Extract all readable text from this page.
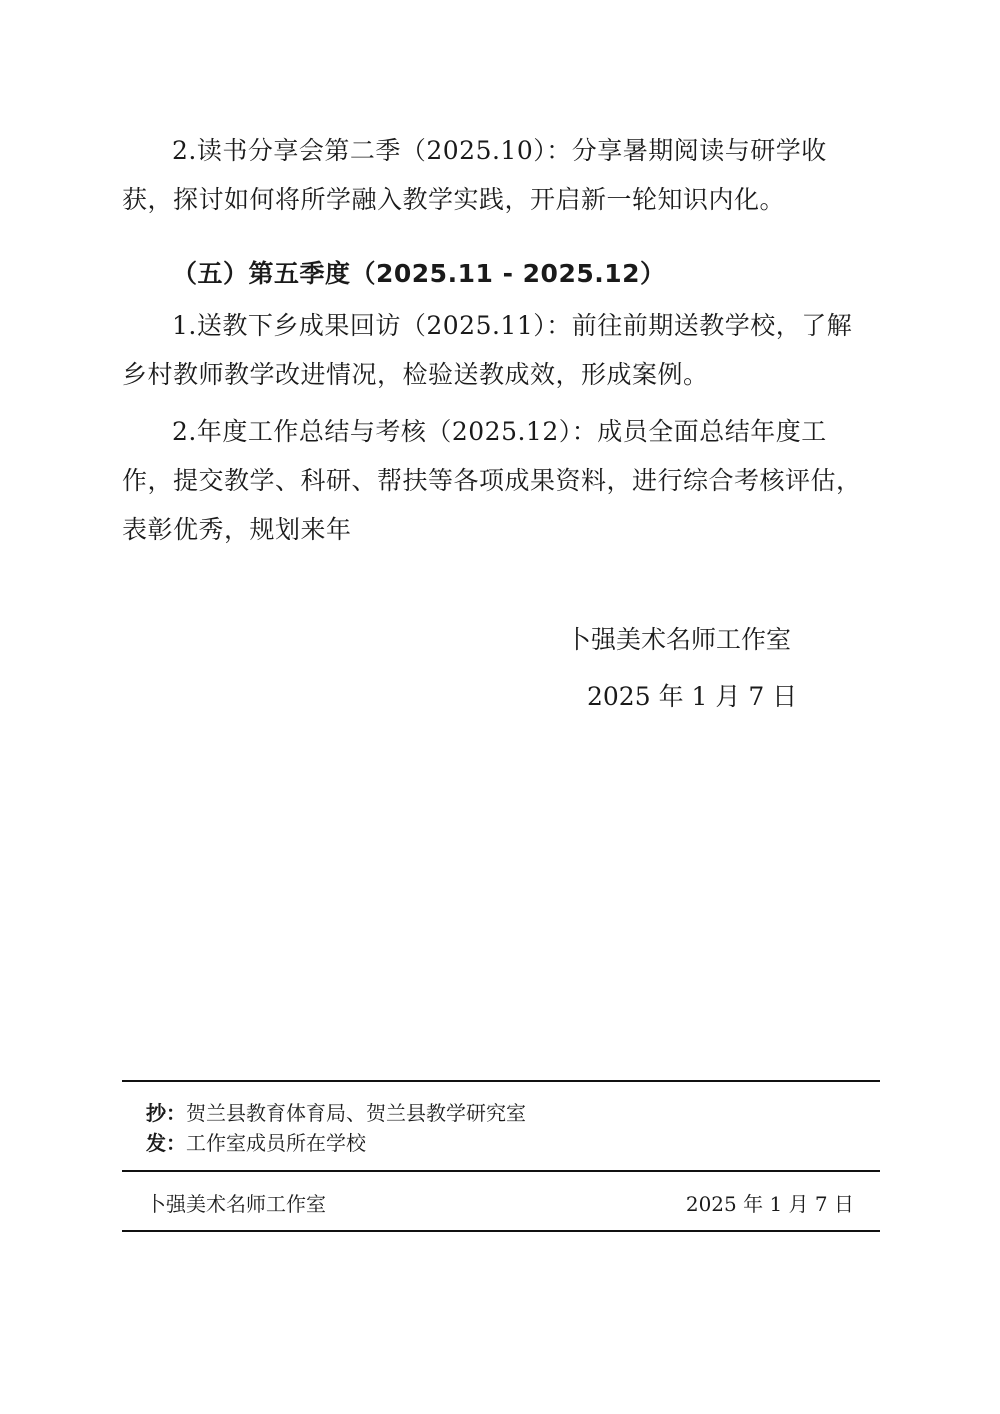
2.读书分享会第二季（2025.10）：分享暑期阅读与研学收获，探讨如何将所学融入教学实践，开启新一轮知识内化。

（五）第五季度（2025.11 - 2025.12）

1.送教下乡成果回访（2025.11）：前往前期送教学校，了解乡村教师教学改进情况，检验送教成效，形成案例。

2.年度工作总结与考核（2025.12）：成员全面总结年度工作，提交教学、科研、帮扶等各项成果资料，进行综合考核评估，表彰优秀，规划来年

卜强美术名师工作室

2025 年 1 月 7 日

抄：贺兰县教育体育局、贺兰县教学研究室

发：工作室成员所在学校

卜强美术名师工作室	2025 年 1 月 7 日
